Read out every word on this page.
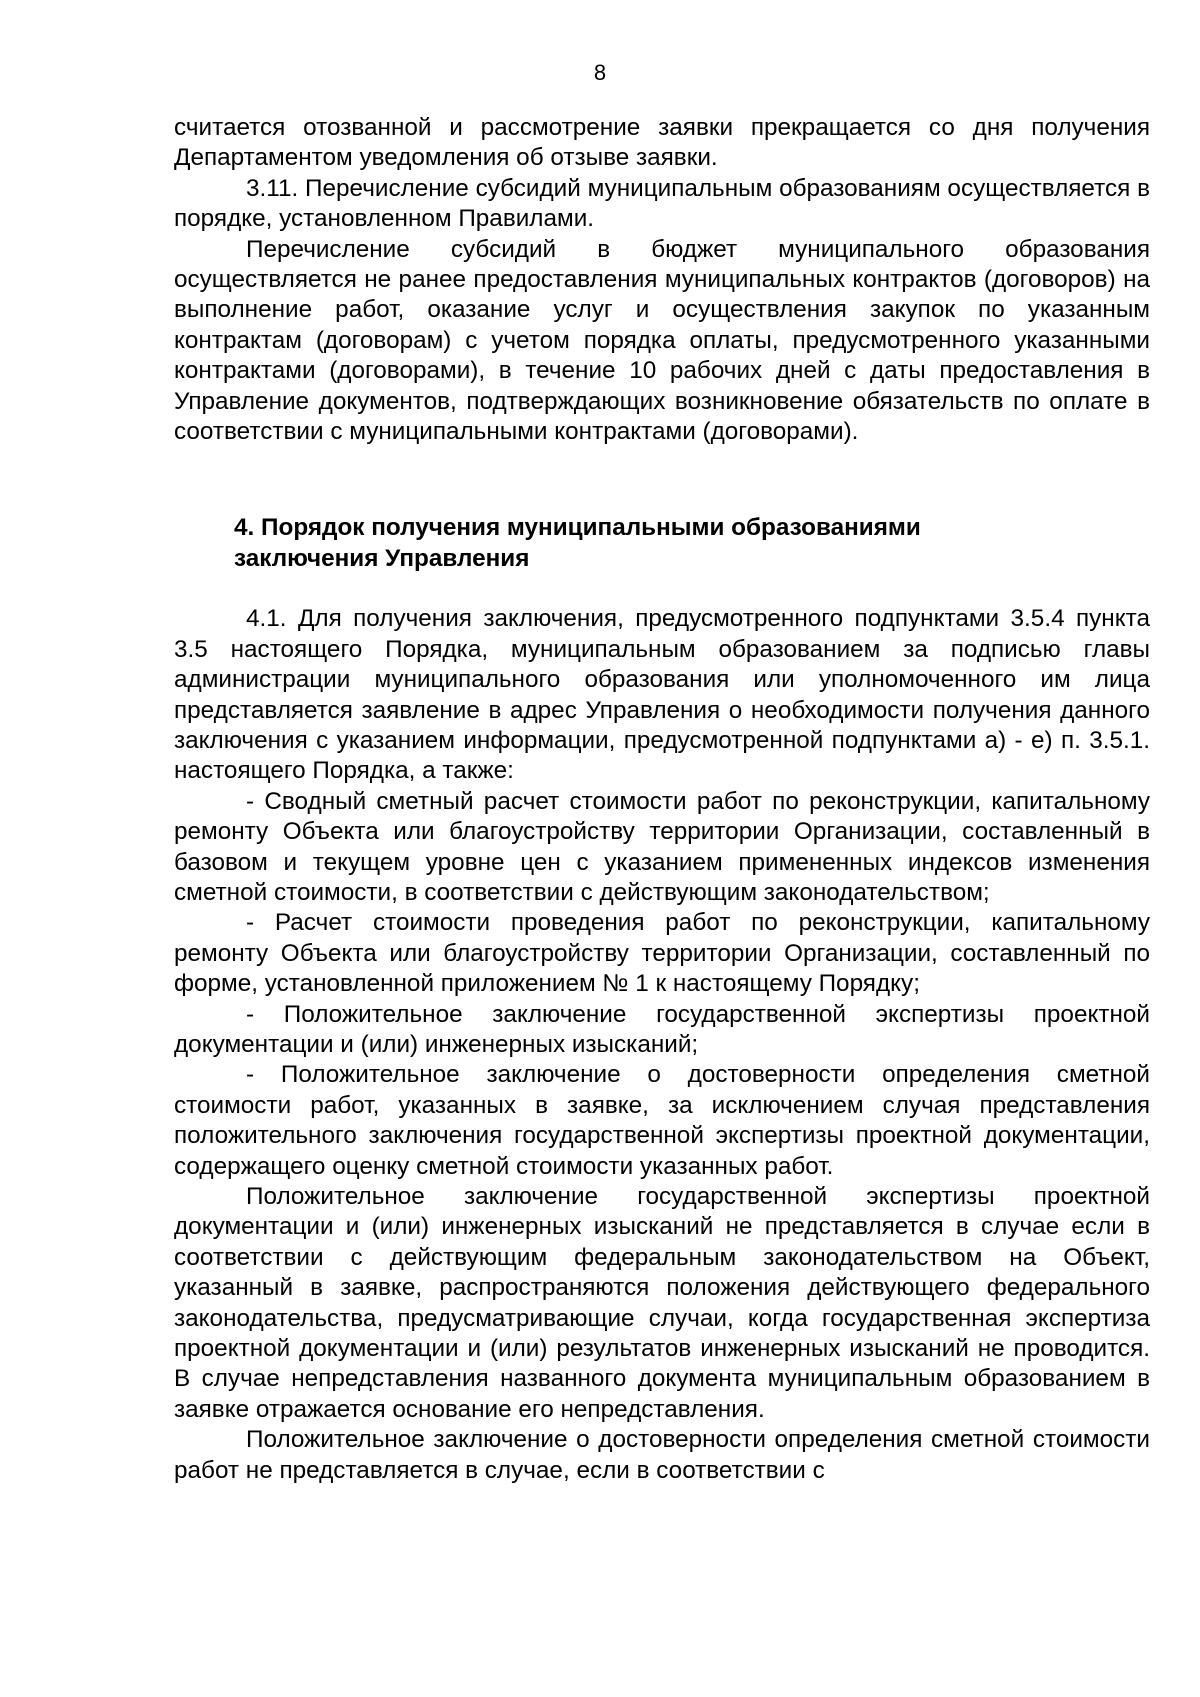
8

считается отозванной и рассмотрение заявки прекращается со дня получения Департаментом уведомления об отзыве заявки.

3.11. Перечисление субсидий муниципальным образованиям осуществляется в порядке, установленном Правилами.

Перечисление субсидий в бюджет муниципального образования осуществляется не ранее предоставления муниципальных контрактов (договоров) на выполнение работ, оказание услуг и осуществления закупок по указанным контрактам (договорам) с учетом порядка оплаты, предусмотренного указанными контрактами (договорами), в течение 10 рабочих дней с даты предоставления в Управление документов, подтверждающих возникновение обязательств по оплате в соответствии с муниципальными контрактами (договорами).

4. Порядок получения муниципальными образованиями

заключения Управления

4.1. Для получения заключения, предусмотренного подпунктами 3.5.4 пункта 3.5 настоящего Порядка, муниципальным образованием за подписью главы администрации муниципального образования или уполномоченного им лица представляется заявление в адрес Управления о необходимости получения данного заключения с указанием информации, предусмотренной подпунктами а) - е) п. 3.5.1. настоящего Порядка, а также:

- Сводный сметный расчет стоимости работ по реконструкции, капитальному ремонту Объекта или благоустройству территории Организации, составленный в базовом и текущем уровне цен с указанием примененных индексов изменения сметной стоимости, в соответствии с действующим законодательством;

- Расчет стоимости проведения работ по реконструкции, капитальному ремонту Объекта или благоустройству территории Организации, составленный по форме, установленной приложением № 1 к настоящему Порядку;

- Положительное заключение государственной экспертизы проектной документации и (или) инженерных изысканий;

- Положительное заключение о достоверности определения сметной стоимости работ, указанных в заявке, за исключением случая представления положительного заключения государственной экспертизы проектной документации, содержащего оценку сметной стоимости указанных работ.

Положительное заключение государственной экспертизы проектной документации и (или) инженерных изысканий не представляется в случае если в соответствии с действующим федеральным законодательством на Объект, указанный в заявке, распространяются положения действующего федерального законодательства, предусматривающие случаи, когда государственная экспертиза проектной документации и (или) результатов инженерных изысканий не проводится. В случае непредставления названного документа муниципальным образованием в заявке отражается основание его непредставления.

Положительное заключение о достоверности определения сметной стоимости работ не представляется в случае, если в соответствии с
